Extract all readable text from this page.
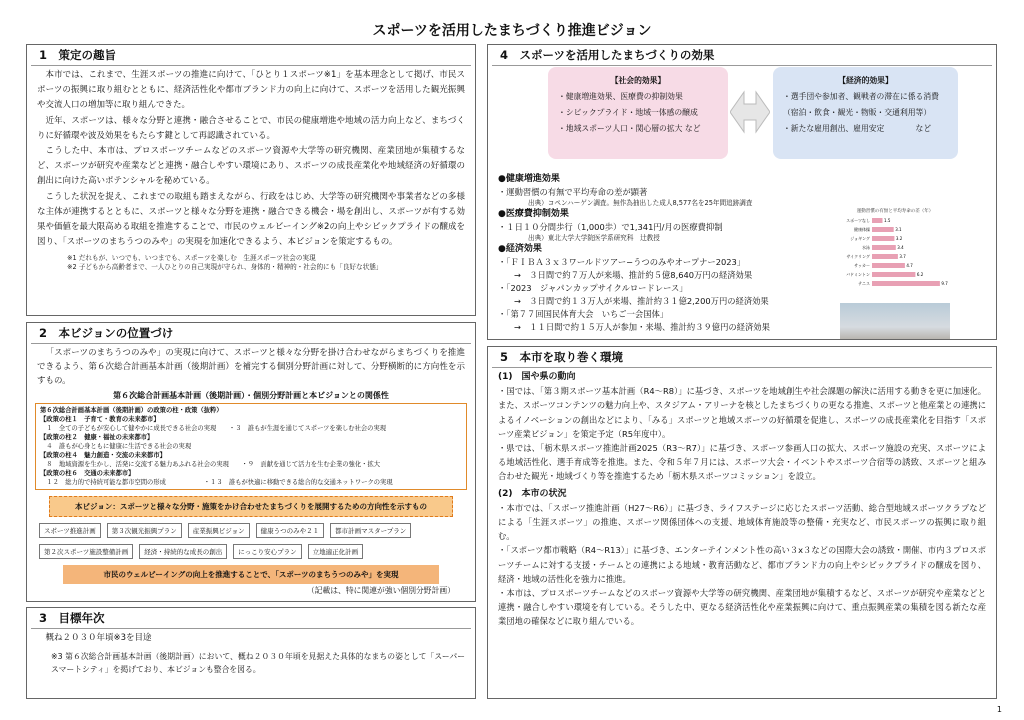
スポーツを活用したまちづくり推進ビジョン
1　策定の趣旨

本市では、これまで、生涯スポーツの推進に向けて、「ひとり１スポーツ※1」を基本理念として掲げ、市民スポーツの振興に取り組むとともに、経済活性化や都市ブランド力の向上に向けて、スポーツを活用した観光振興や交流人口の増加等に取り組んできた。

近年、スポーツは、様々な分野と連携・融合させることで、市民の健康増進や地域の活力向上など、まちづくりに好循環や波及効果をもたらす鍵として再認識されている。

こうした中、本市は、プロスポーツチームなどのスポーツ資源や大学等の研究機関、産業団地が集積するなど、スポーツが研究や産業などと連携・融合しやすい環境にあり、スポーツの成長産業化や地域経済の好循環の創出に向けた高いポテンシャルを秘めている。

こうした状況を捉え、これまでの取組も踏まえながら、行政をはじめ、大学等の研究機関や事業者などの多様な主体が連携するとともに、スポーツと様々な分野を連携・融合できる機会・場を創出し、スポーツが有する効果や価値を最大限高める取組を推進することで、市民のウェルビーイング※2の向上やシビックプライドの醸成を図り、「スポーツのまちうつのみや」の実現を加速化できるよう、本ビジョンを策定するもの。

※1 だれもが、いつでも、いつまでも、スポーツを楽しむ　生涯スポーツ社会の実現
※2 子どもから高齢者まで、一人ひとりの自己実現が守られ、身体的・精神的・社会的にも「良好な状態」
2　本ビジョンの位置づけ

「スポーツのまちうつのみや」の実現に向けて、スポーツと様々な分野を掛け合わせながらまちづくりを推進できるよう、第６次総合計画基本計画（後期計画）を補完する個別分野計画に対して、分野横断的に方向性を示すもの。

第６次総合計画基本計画（後期計画）・個別分野計画と本ビジョンとの関係性
第６次総合計画基本計画（後期計画）の政策の柱・政策（抜粋）
【政策の柱１　子育て・教育の未来都市】
　１　全ての子どもが安心して健やかに成長できる社会の実現　　・３　誰もが生涯を通じてスポーツを楽しむ社会の実現
【政策の柱２　健康・福祉の未来都市】
　４　誰もが心身ともに健康に生活できる社会の実現
【政策の柱４　魅力創造・交流の未来都市】
　８　地域資源を生かし、活発に交流する魅力あふれる社会の実現　　・９　貢献を通じて活力を生む企業の強化・拡大
【政策の柱６　交通の未来都市】
　１２　総力的で持続可能な都市空間の形成　　　　　　・１３　誰もが快適に移動できる総合的な交通ネットワークの実現
本ビジョン：スポーツと様々な分野・施策をかけ合わせたまちづくりを展開するための方向性を示すもの
スポーツ推進計画	第３次観光振興プラン	産業振興ビジョン	健康うつのみや２１	都市計画マスタープラン
第２次スポーツ施設整備計画	経済・持続的な成長の創出	にっこり安心プラン	立地適正化計画
市民のウェルビーイングの向上を推進することで、「スポーツのまちうつのみや」を実現
（記載は、特に関連が強い個別分野計画）
3　目標年次

概ね２０３０年頃※3を目途

※3 第６次総合計画基本計画（後期計画）において、概ね２０３０年頃を見据えた具体的なまちの姿として「スーパースマートシティ」を掲げており、本ビジョンも整合を図る。
4　スポーツを活用したまちづくりの効果
【社会的効果】
・健康増進効果、医療費の抑制効果
・シビックプライド・地域一体感の醸成
・地域スポーツ人口・関心層の拡大 など
【経済的効果】
・選手団や参加者、観戦者の滞在に係る消費
（宿泊・飲食・観光・物販・交通利用等）
・新たな雇用創出、雇用安定　　　　など
●健康増進効果
・運動習慣の有無で平均寿命の差が顕著
出典）コペンハーゲン調査。無作為抽出した成人8,577名を25年間追跡調査
●医療費抑制効果
・１日１０分間歩行（1,000歩）で1,341円/月の医療費抑制
出典）東北大学大学院医学系研究科　辻教授
●経済効果
・「ＦＩＢＡ３ｘ３ワールドツアー−うつのみやオープナー2023」
→　３日間で約７万人が来場、推計約５億8,640万円の経済効果
・「2023　ジャパンカップサイクルロードレース」
→　３日間で約１３万人が来場、推計約３１億2,200万円の経済効果
・「第７７回国民体育大会　いちご一会国体」
→　１１日間で約１５万人が参加・来場、推計約３９億円の経済効果
運動習慣の有無と平均寿命の差（年）
スポーツなし	1.5
健康体操	3.1
ジョギング	3.2
水泳	3.4
サイクリング	3.7
サッカー	4.7
バドミントン	6.2
テニス	9.7
5　本市を取り巻く環境
(1)　国や県の動向
・国では、「第３期スポーツ基本計画（R4〜R8）」に基づき、スポーツを地域創生や社会課題の解決に活用する動きを更に加速化。また、スポーツコンテンツの魅力向上や、スタジアム・アリーナを核としたまちづくりの更なる推進、スポーツと他産業との連携によるイノベーションの創出などにより、「みる」スポーツと地域スポーツの好循環を促進し、スポーツの成長産業化を目指す「スポーツ産業ビジョン」を策定予定（R5年度中）。
・県では、「栃木県スポーツ推進計画2025（R3〜R7）」に基づき、スポーツ参画人口の拡大、スポーツ施設の充実、スポーツによる地域活性化、選手育成等を推進。また、令和５年７月には、スポーツ大会・イベントやスポーツ合宿等の誘致、スポーツと組み合わせた観光・地域づくり等を推進するため「栃木県スポーツコミッション」を設立。
(2)　本市の状況
・本市では、「スポーツ推進計画（H27〜R6）」に基づき、ライフステージに応じたスポーツ活動、総合型地域スポーツクラブなどによる「生涯スポーツ」の推進、スポーツ関係団体への支援、地域体育施設等の整備・充実など、市民スポーツの振興に取り組む。
・「スポーツ都市戦略（R4〜R13）」に基づき、エンターテインメント性の高い３x３などの国際大会の誘致・開催、市内３プロスポーツチームに対する支援・チームとの連携による地域・教育活動など、都市ブランド力の向上やシビックプライドの醸成を図り、経済・地域の活性化を強力に推進。
・本市は、プロスポーツチームなどのスポーツ資源や大学等の研究機関、産業団地が集積するなど、スポーツが研究や産業などと連携・融合しやすい環境を有している。そうした中、更なる経済活性化や産業振興に向けて、重点振興産業の集積を図る新たな産業団地の確保などに取り組んでいる。
1
